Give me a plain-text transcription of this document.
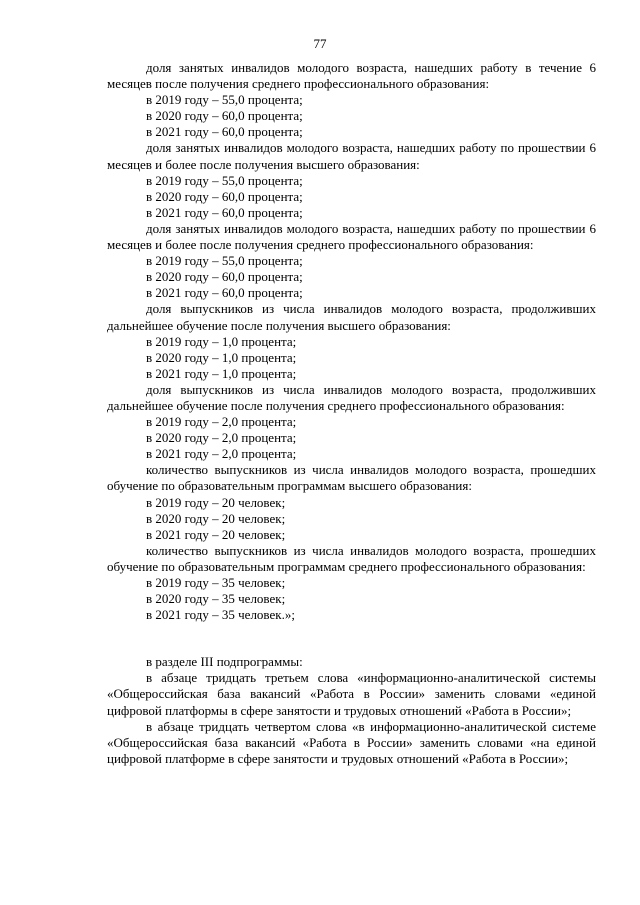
77
доля занятых инвалидов молодого возраста, нашедших работу в течение 6 месяцев после получения среднего профессионального образования:
в 2019 году – 55,0 процента;
в 2020 году – 60,0 процента;
в 2021 году – 60,0 процента;
доля занятых инвалидов молодого возраста, нашедших работу по прошествии 6 месяцев и более после получения высшего образования:
в 2019 году – 55,0 процента;
в 2020 году – 60,0 процента;
в 2021 году – 60,0 процента;
доля занятых инвалидов молодого возраста, нашедших работу по прошествии 6 месяцев и более после получения среднего профессионального образования:
в 2019 году – 55,0 процента;
в 2020 году – 60,0 процента;
в 2021 году – 60,0 процента;
доля выпускников из числа инвалидов молодого возраста, продолживших дальнейшее обучение после получения высшего образования:
в 2019 году – 1,0 процента;
в 2020 году – 1,0 процента;
в 2021 году – 1,0 процента;
доля выпускников из числа инвалидов молодого возраста, продолживших дальнейшее обучение после получения среднего профессионального образования:
в 2019 году – 2,0 процента;
в 2020 году – 2,0 процента;
в 2021 году – 2,0 процента;
количество выпускников из числа инвалидов молодого возраста, прошедших обучение по образовательным программам высшего образования:
в 2019 году – 20 человек;
в 2020 году – 20 человек;
в 2021 году – 20 человек;
количество выпускников из числа инвалидов молодого возраста, прошедших обучение по образовательным программам среднего профессионального образования:
в 2019 году – 35 человек;
в 2020 году – 35 человек;
в 2021 году – 35 человек.»;
в разделе III подпрограммы:
в абзаце тридцать третьем слова «информационно-аналитической системы «Общероссийская база вакансий «Работа в России» заменить словами «единой цифровой платформы в сфере занятости и трудовых отношений «Работа в России»;
в абзаце тридцать четвертом слова «в информационно-аналитической системе «Общероссийская база вакансий «Работа в России» заменить словами «на единой цифровой платформе в сфере занятости и трудовых отношений «Работа в России»;
